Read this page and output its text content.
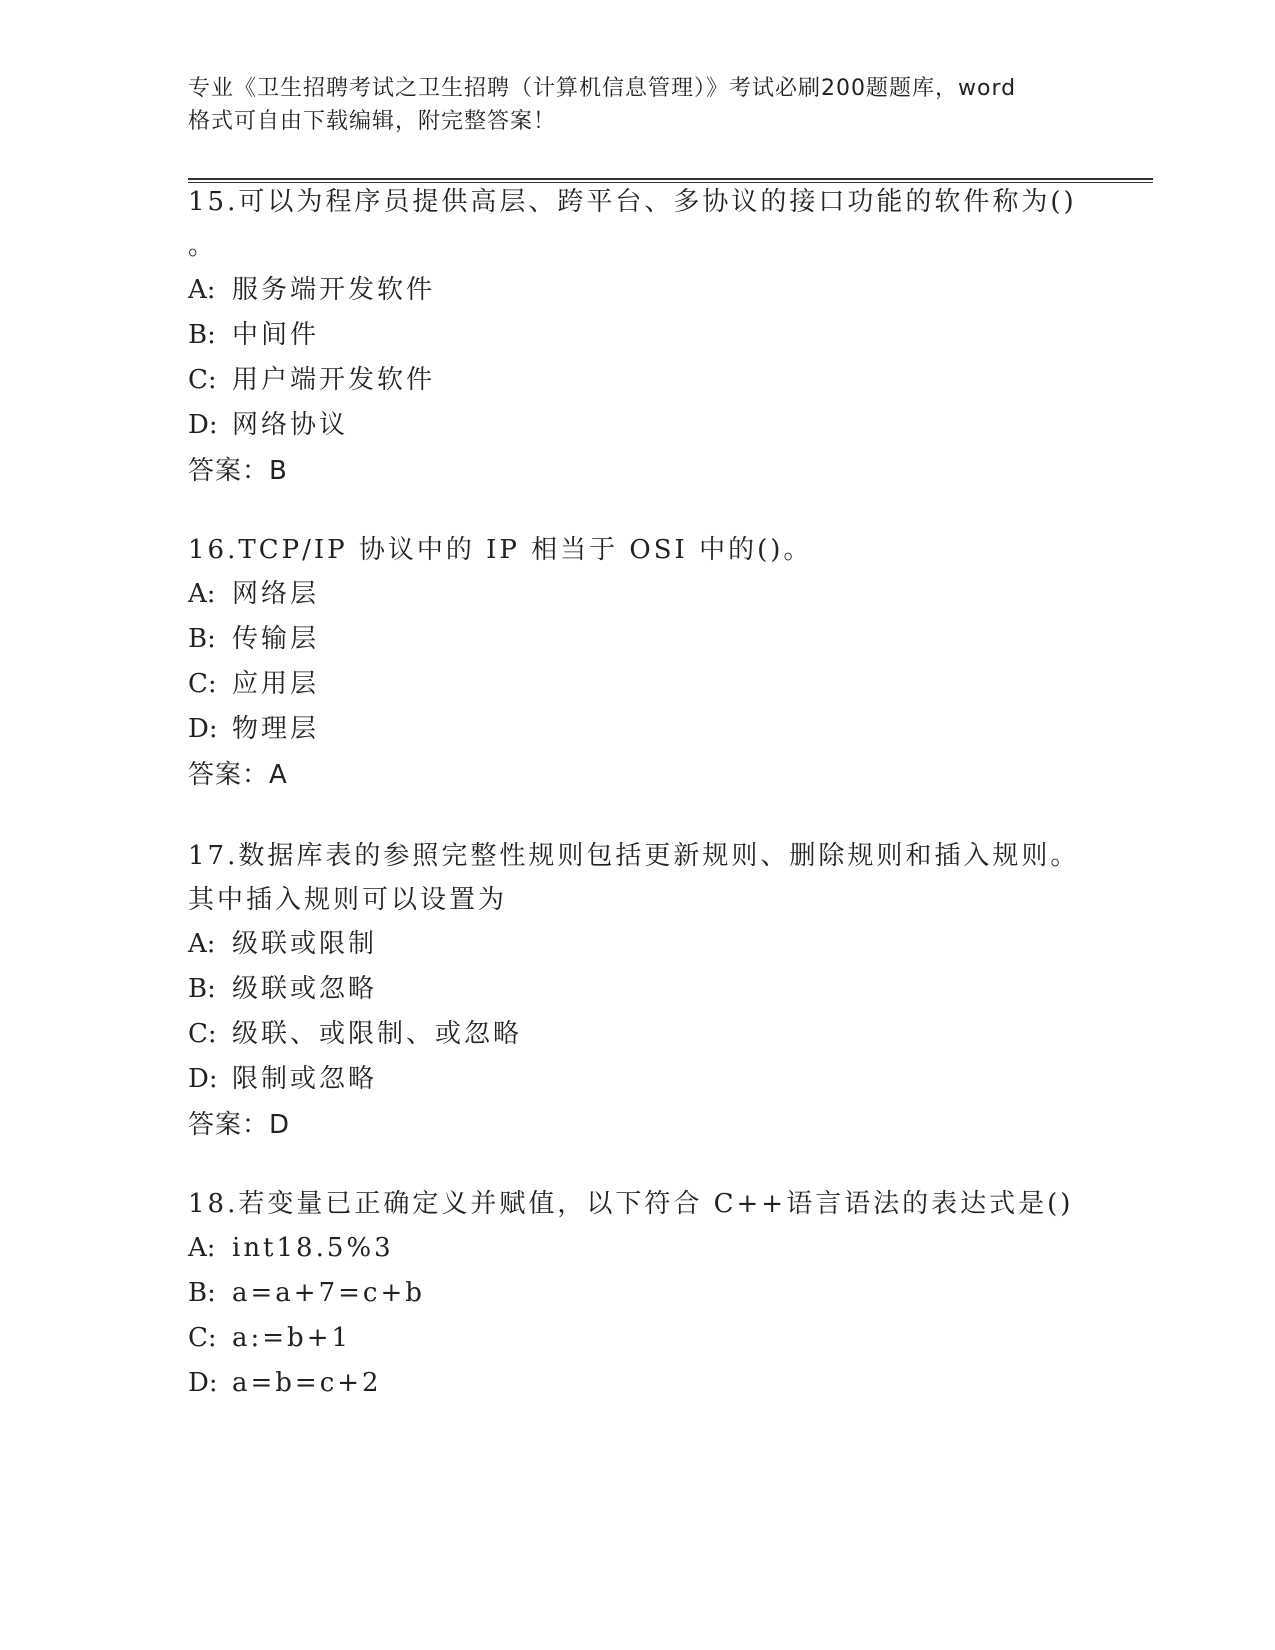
专业《卫生招聘考试之卫生招聘（计算机信息管理）》考试必刷200题题库，word
格式可自由下载编辑，附完整答案！

15.可以为程序员提供高层、跨平台、多协议的接口功能的软件称为()

。

A: 服务端开发软件

B: 中间件

C: 用户端开发软件

D: 网络协议

答案：B

16.TCP/IP 协议中的 IP 相当于 OSI 中的()。

A: 网络层

B: 传输层

C: 应用层

D: 物理层

答案：A

17.数据库表的参照完整性规则包括更新规则、删除规则和插入规则。

其中插入规则可以设置为

A: 级联或限制

B: 级联或忽略

C: 级联、或限制、或忽略

D: 限制或忽略

答案：D

18.若变量已正确定义并赋值，以下符合 C++语言语法的表达式是()

A: int18.5%3

B: a=a+7=c+b

C: a:=b+1

D: a=b=c+2
